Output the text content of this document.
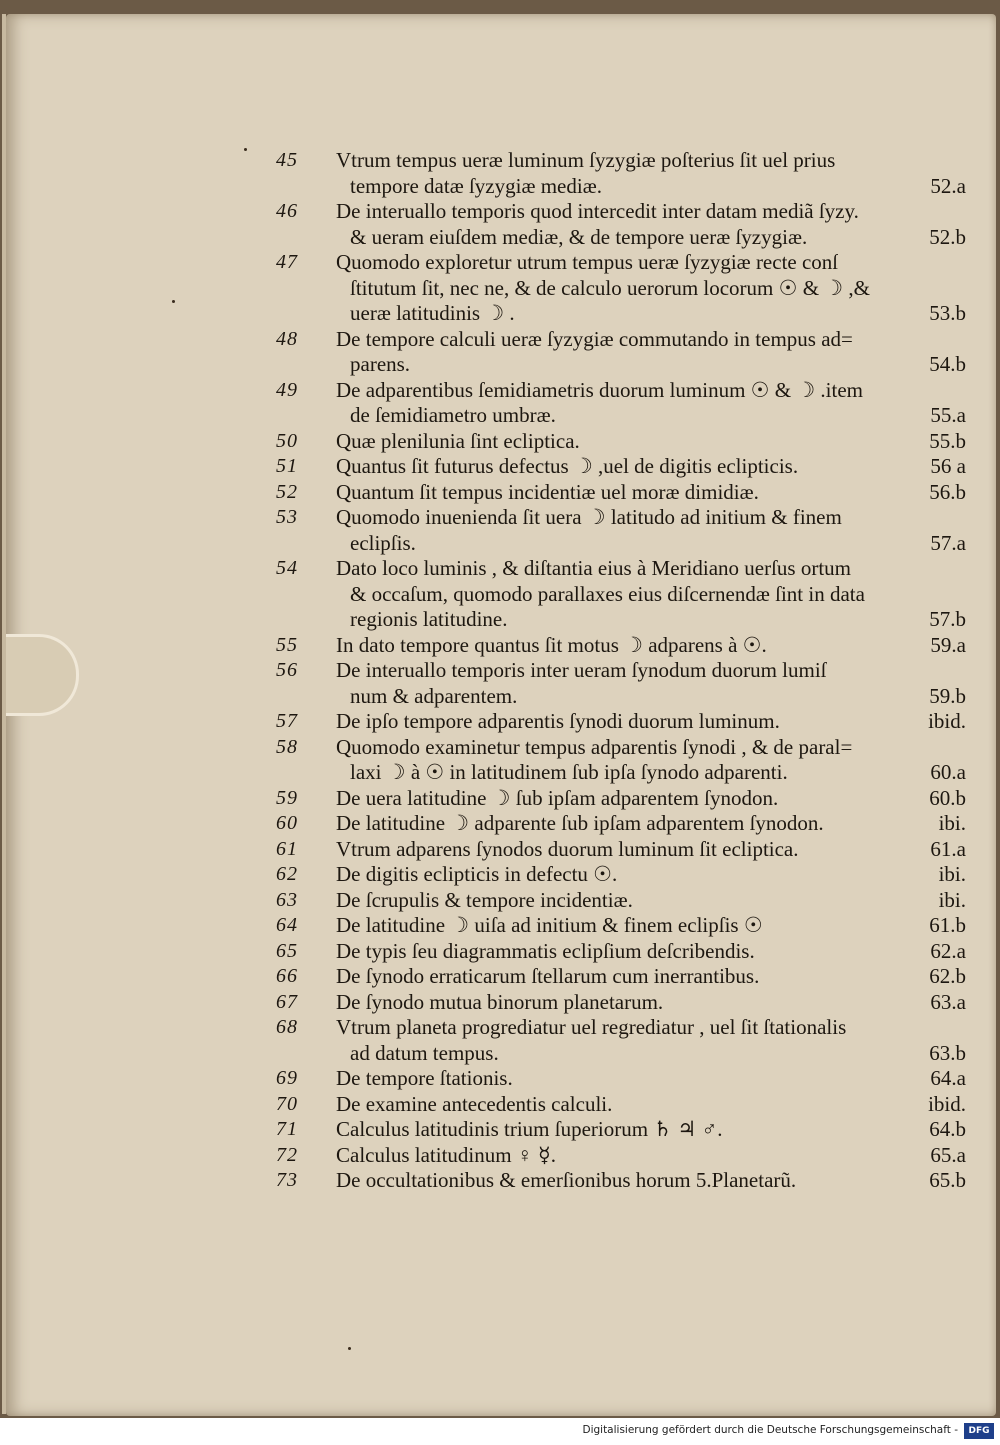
45	Vtrum tempus ueræ luminum ſyzygiæ poſterius ſit uel prius
tempore datæ ſyzygiæ mediæ.	52.a
46	De interuallo temporis quod intercedit inter datam mediã ſyzy.
& ueram eiuſdem mediæ, & de tempore ueræ ſyzygiæ.	52.b
47	Quomodo exploretur utrum tempus ueræ ſyzygiæ recte conſ
ſtitutum ſit, nec ne, & de calculo uerorum locorum ☉ & ☽ ,&
ueræ latitudinis ☽ .	53.b
48	De tempore calculi ueræ ſyzygiæ commutando in tempus ad=
parens.	54.b
49	De adparentibus ſemidiametris duorum luminum ☉ & ☽ .item
de ſemidiametro umbræ.	55.a
50	Quæ plenilunia ſint ecliptica.	55.b
51	Quantus ſit futurus defectus ☽ ,uel de digitis eclipticis.	56 a
52	Quantum ſit tempus incidentiæ uel moræ dimidiæ.	56.b
53	Quomodo inuenienda ſit uera ☽ latitudo ad initium & finem
eclipſis.	57.a
54	Dato loco luminis , & diſtantia eius à Meridiano uerſus ortum
& occaſum, quomodo parallaxes eius diſcernendæ ſint in data
regionis latitudine.	57.b
55	In dato tempore quantus ſit motus ☽ adparens à ☉.	59.a
56	De interuallo temporis inter ueram ſynodum duorum lumiſ
num & adparentem.	59.b
57	De ipſo tempore adparentis ſynodi duorum luminum.	ibid.
58	Quomodo examinetur tempus adparentis ſynodi , & de paral=
laxi ☽ à ☉ in latitudinem ſub ipſa ſynodo adparenti.	60.a
59	De uera latitudine ☽ ſub ipſam adparentem ſynodon.	60.b
60	De latitudine ☽ adparente ſub ipſam adparentem ſynodon.	ibi.
61	Vtrum adparens ſynodos duorum luminum ſit ecliptica.	61.a
62	De digitis eclipticis in defectu ☉.	ibi.
63	De ſcrupulis & tempore incidentiæ.	ibi.
64	De latitudine ☽ uiſa ad initium & finem eclipſis ☉	61.b
65	De typis ſeu diagrammatis eclipſium deſcribendis.	62.a
66	De ſynodo erraticarum ſtellarum cum inerrantibus.	62.b
67	De ſynodo mutua binorum planetarum.	63.a
68	Vtrum planeta progrediatur uel regrediatur , uel ſit ſtationalis
ad datum tempus.	63.b
69	De tempore ſtationis.	64.a
70	De examine antecedentis calculi.	ibid.
71	Calculus latitudinis trium ſuperiorum ♄ ♃ ♂.	64.b
72	Calculus latitudinum ♀ ☿.	65.a
73	De occultationibus & emerſionibus horum 5.Planetarũ.	65.b
Digitalisierung gefördert durch die Deutsche Forschungsgemeinschaft -	DFG
